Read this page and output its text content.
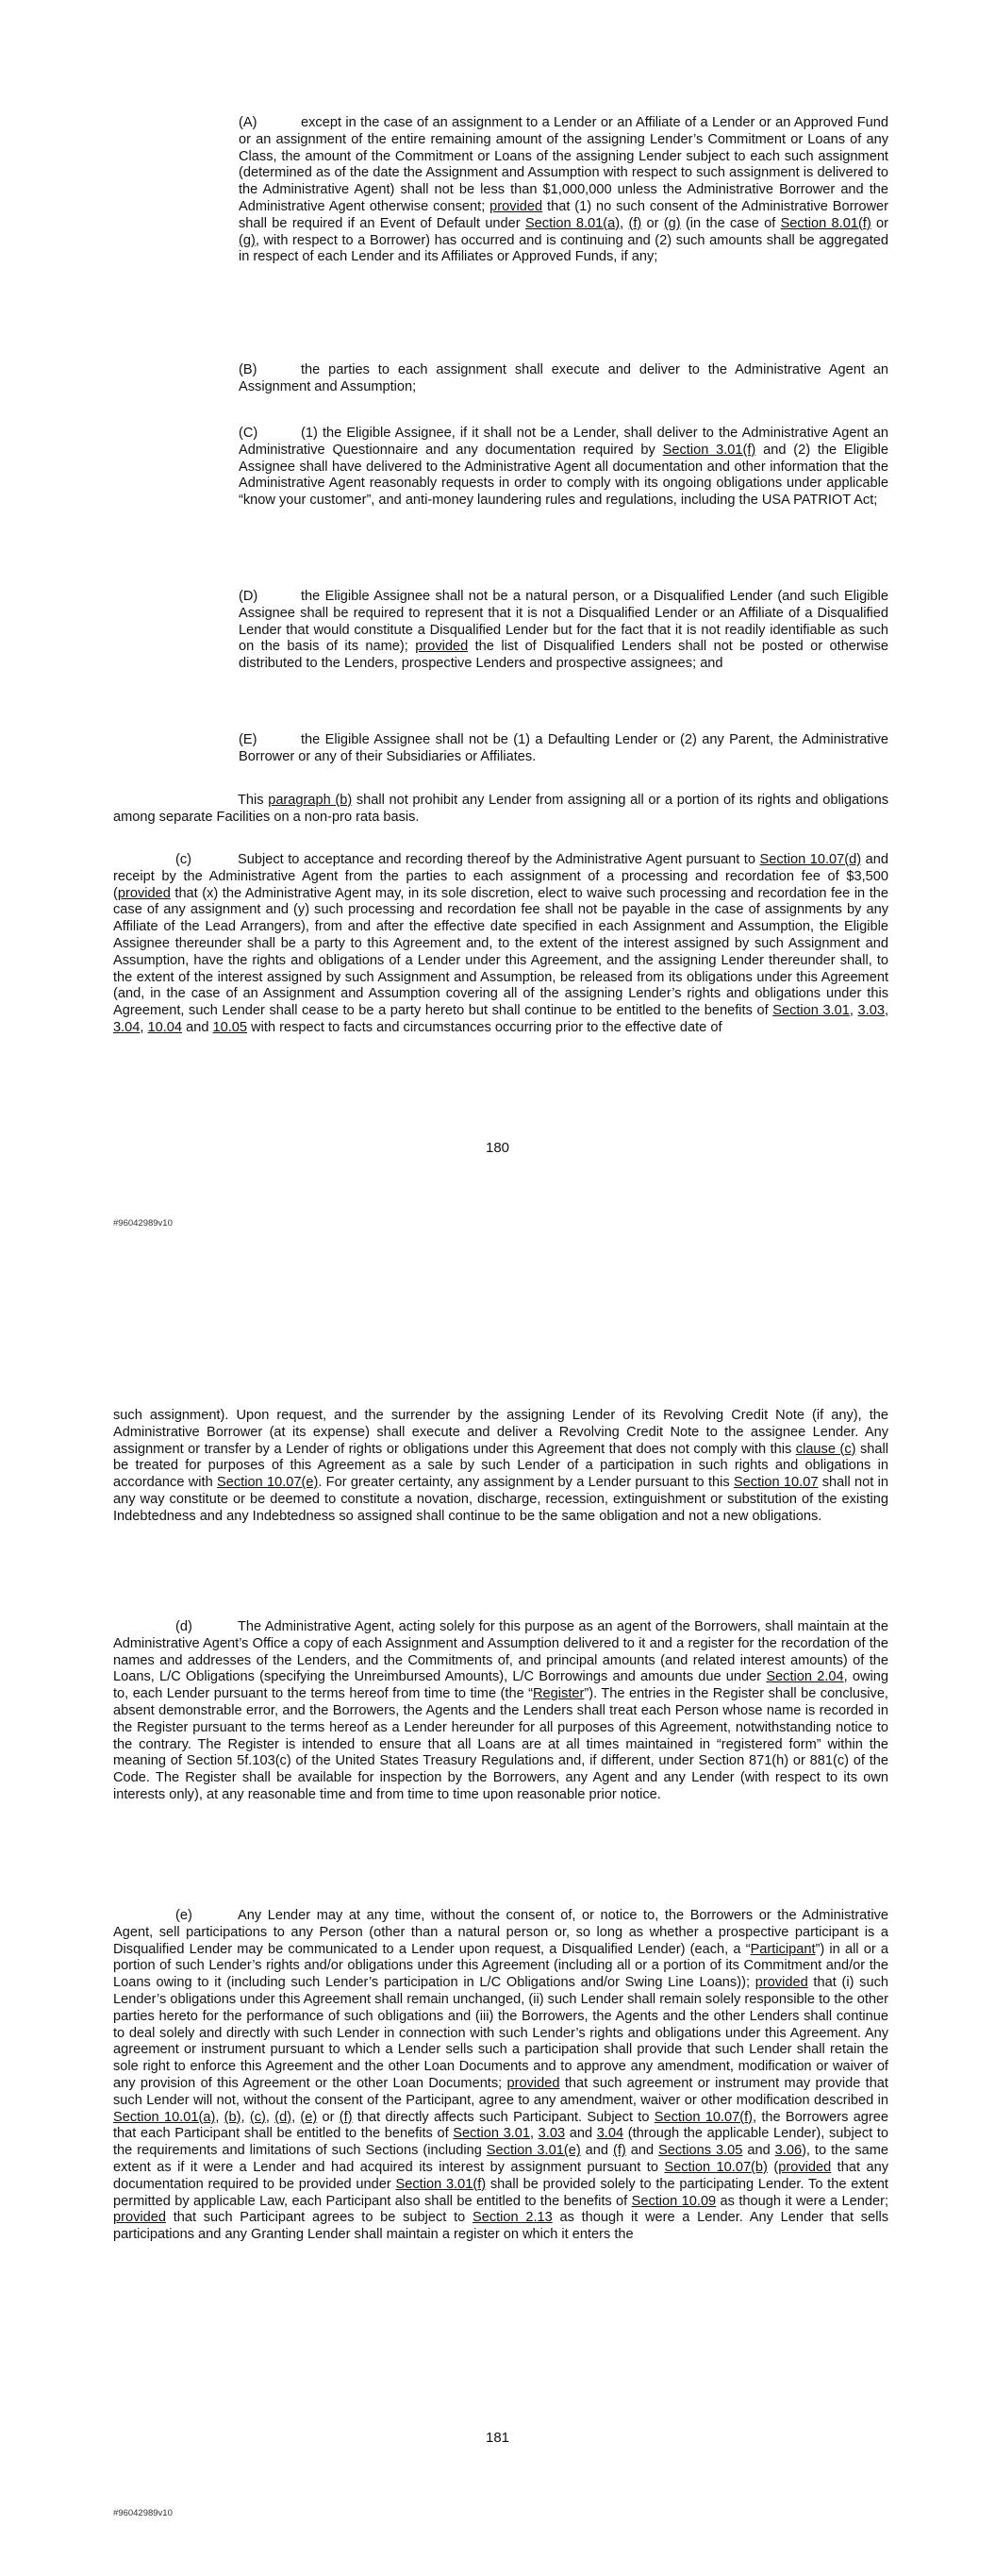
(A)	except in the case of an assignment to a Lender or an Affiliate of a Lender or an Approved Fund or an assignment of the entire remaining amount of the assigning Lender’s Commitment or Loans of any Class, the amount of the Commitment or Loans of the assigning Lender subject to each such assignment (determined as of the date the Assignment and Assumption with respect to such assignment is delivered to the Administrative Agent) shall not be less than $1,000,000 unless the Administrative Borrower and the Administrative Agent otherwise consent; provided that (1) no such consent of the Administrative Borrower shall be required if an Event of Default under Section 8.01(a), (f) or (g) (in the case of Section 8.01(f) or (g), with respect to a Borrower) has occurred and is continuing and (2) such amounts shall be aggregated in respect of each Lender and its Affiliates or Approved Funds, if any;

(B)	the parties to each assignment shall execute and deliver to the Administrative Agent an Assignment and Assumption;

(C)	(1) the Eligible Assignee, if it shall not be a Lender, shall deliver to the Administrative Agent an Administrative Questionnaire and any documentation required by Section 3.01(f) and (2) the Eligible Assignee shall have delivered to the Administrative Agent all documentation and other information that the Administrative Agent reasonably requests in order to comply with its ongoing obligations under applicable “know your customer”, and anti-money laundering rules and regulations, including the USA PATRIOT Act;

(D)	the Eligible Assignee shall not be a natural person, or a Disqualified Lender (and such Eligible Assignee shall be required to represent that it is not a Disqualified Lender or an Affiliate of a Disqualified Lender that would constitute a Disqualified Lender but for the fact that it is not readily identifiable as such on the basis of its name); provided the list of Disqualified Lenders shall not be posted or otherwise distributed to the Lenders, prospective Lenders and prospective assignees; and

(E)	the Eligible Assignee shall not be (1) a Defaulting Lender or (2) any Parent, the Administrative Borrower or any of their Subsidiaries or Affiliates.

This paragraph (b) shall not prohibit any Lender from assigning all or a portion of its rights and obligations among separate Facilities on a non-pro rata basis.

(c)	Subject to acceptance and recording thereof by the Administrative Agent pursuant to Section 10.07(d) and receipt by the Administrative Agent from the parties to each assignment of a processing and recordation fee of $3,500 (provided that (x) the Administrative Agent may, in its sole discretion, elect to waive such processing and recordation fee in the case of any assignment and (y) such processing and recordation fee shall not be payable in the case of assignments by any Affiliate of the Lead Arrangers), from and after the effective date specified in each Assignment and Assumption, the Eligible Assignee thereunder shall be a party to this Agreement and, to the extent of the interest assigned by such Assignment and Assumption, have the rights and obligations of a Lender under this Agreement, and the assigning Lender thereunder shall, to the extent of the interest assigned by such Assignment and Assumption, be released from its obligations under this Agreement (and, in the case of an Assignment and Assumption covering all of the assigning Lender’s rights and obligations under this Agreement, such Lender shall cease to be a party hereto but shall continue to be entitled to the benefits of Section 3.01, 3.03, 3.04, 10.04 and 10.05 with respect to facts and circumstances occurring prior to the effective date of

180

#96042989v10

such assignment). Upon request, and the surrender by the assigning Lender of its Revolving Credit Note (if any), the Administrative Borrower (at its expense) shall execute and deliver a Revolving Credit Note to the assignee Lender. Any assignment or transfer by a Lender of rights or obligations under this Agreement that does not comply with this clause (c) shall be treated for purposes of this Agreement as a sale by such Lender of a participation in such rights and obligations in accordance with Section 10.07(e). For greater certainty, any assignment by a Lender pursuant to this Section 10.07 shall not in any way constitute or be deemed to constitute a novation, discharge, recession, extinguishment or substitution of the existing Indebtedness and any Indebtedness so assigned shall continue to be the same obligation and not a new obligations.

(d)	The Administrative Agent, acting solely for this purpose as an agent of the Borrowers, shall maintain at the Administrative Agent’s Office a copy of each Assignment and Assumption delivered to it and a register for the recordation of the names and addresses of the Lenders, and the Commitments of, and principal amounts (and related interest amounts) of the Loans, L/C Obligations (specifying the Unreimbursed Amounts), L/C Borrowings and amounts due under Section 2.04, owing to, each Lender pursuant to the terms hereof from time to time (the “Register”). The entries in the Register shall be conclusive, absent demonstrable error, and the Borrowers, the Agents and the Lenders shall treat each Person whose name is recorded in the Register pursuant to the terms hereof as a Lender hereunder for all purposes of this Agreement, notwithstanding notice to the contrary. The Register is intended to ensure that all Loans are at all times maintained in “registered form” within the meaning of Section 5f.103(c) of the United States Treasury Regulations and, if different, under Section 871(h) or 881(c) of the Code. The Register shall be available for inspection by the Borrowers, any Agent and any Lender (with respect to its own interests only), at any reasonable time and from time to time upon reasonable prior notice.

(e)	Any Lender may at any time, without the consent of, or notice to, the Borrowers or the Administrative Agent, sell participations to any Person (other than a natural person or, so long as whether a prospective participant is a Disqualified Lender may be communicated to a Lender upon request, a Disqualified Lender) (each, a “Participant”) in all or a portion of such Lender’s rights and/or obligations under this Agreement (including all or a portion of its Commitment and/or the Loans owing to it (including such Lender’s participation in L/C Obligations and/or Swing Line Loans)); provided that (i) such Lender’s obligations under this Agreement shall remain unchanged, (ii) such Lender shall remain solely responsible to the other parties hereto for the performance of such obligations and (iii) the Borrowers, the Agents and the other Lenders shall continue to deal solely and directly with such Lender in connection with such Lender’s rights and obligations under this Agreement. Any agreement or instrument pursuant to which a Lender sells such a participation shall provide that such Lender shall retain the sole right to enforce this Agreement and the other Loan Documents and to approve any amendment, modification or waiver of any provision of this Agreement or the other Loan Documents; provided that such agreement or instrument may provide that such Lender will not, without the consent of the Participant, agree to any amendment, waiver or other modification described in Section 10.01(a), (b), (c), (d), (e) or (f) that directly affects such Participant. Subject to Section 10.07(f), the Borrowers agree that each Participant shall be entitled to the benefits of Section 3.01, 3.03 and 3.04 (through the applicable Lender), subject to the requirements and limitations of such Sections (including Section 3.01(e) and (f) and Sections 3.05 and 3.06), to the same extent as if it were a Lender and had acquired its interest by assignment pursuant to Section 10.07(b) (provided that any documentation required to be provided under Section 3.01(f) shall be provided solely to the participating Lender. To the extent permitted by applicable Law, each Participant also shall be entitled to the benefits of Section 10.09 as though it were a Lender; provided that such Participant agrees to be subject to Section 2.13 as though it were a Lender. Any Lender that sells participations and any Granting Lender shall maintain a register on which it enters the

181

#96042989v10
